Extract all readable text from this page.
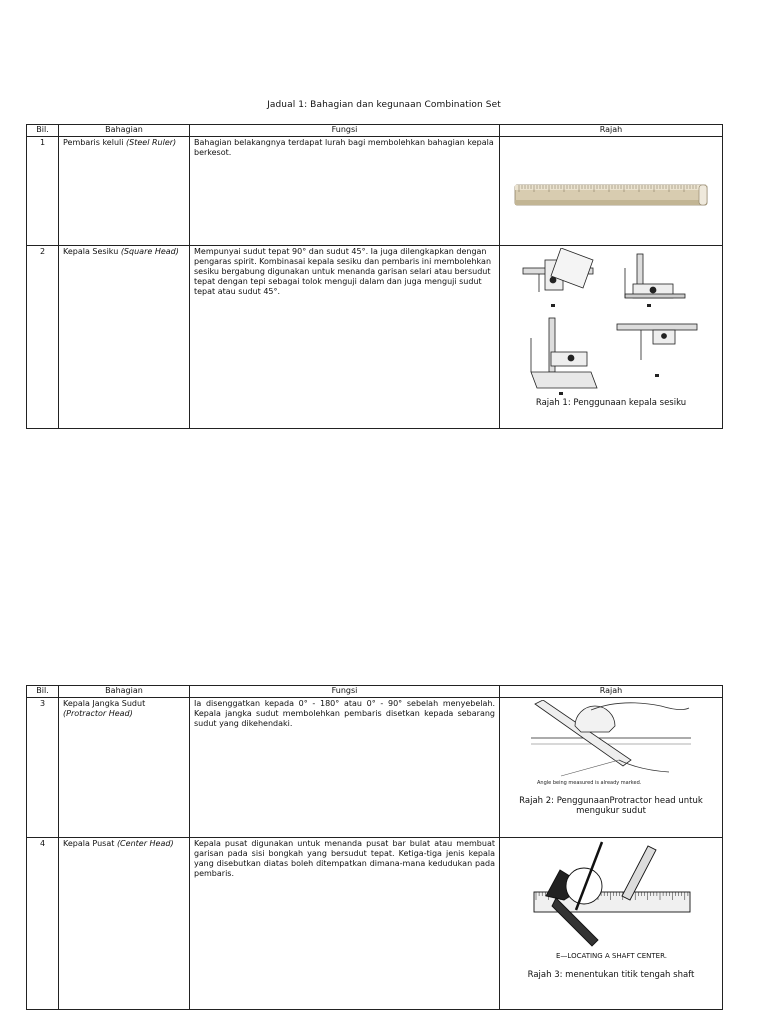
Jadual 1: Bahagian dan kegunaan Combination Set
Bil.	Bahagian	Fungsi	Rajah
1	Pembaris keluli (Steel Ruler)	Bahagian belakangnya terdapat lurah bagi membolehkan bahagian kepala berkesot.	

2	Kepala Sesiku (Square Head)	Mempunyai sudut tepat 90° dan sudut 45°. Ia juga dilengkapkan dengan pengaras spirit. Kombinasai kepala sesiku dan pembaris ini membolehkan sesiku bergabung digunakan untuk menanda garisan selari atau bersudut tepat dengan tepi sebagai tolok menguji dalam dan juga menguji sudut tepat atau sudut 45°.	Rajah 1: Penggunaan kepala sesiku
Bil.	Bahagian	Fungsi	Rajah
3	Kepala Jangka Sudut
(Protractor Head)	Ia disenggatkan kepada 0° - 180° atau 0° - 90° sebelah menyebelah. Kepala jangka sudut membolehkan pembaris disetkan kepada sebarang sudut yang dikehendaki.	Angle being measured is already marked.
Rajah 2: PenggunaanProtractor head untuk mengukur sudut

4	Kepala Pusat (Center Head)	Kepala pusat digunakan untuk menanda pusat bar bulat atau membuat garisan pada sisi bongkah yang bersudut tepat. Ketiga-tiga jenis kepala yang disebutkan diatas boleh ditempatkan dimana-mana kedudukan pada pembaris.	E—LOCATING A SHAFT CENTER.
Rajah 3: menentukan titik tengah shaft
